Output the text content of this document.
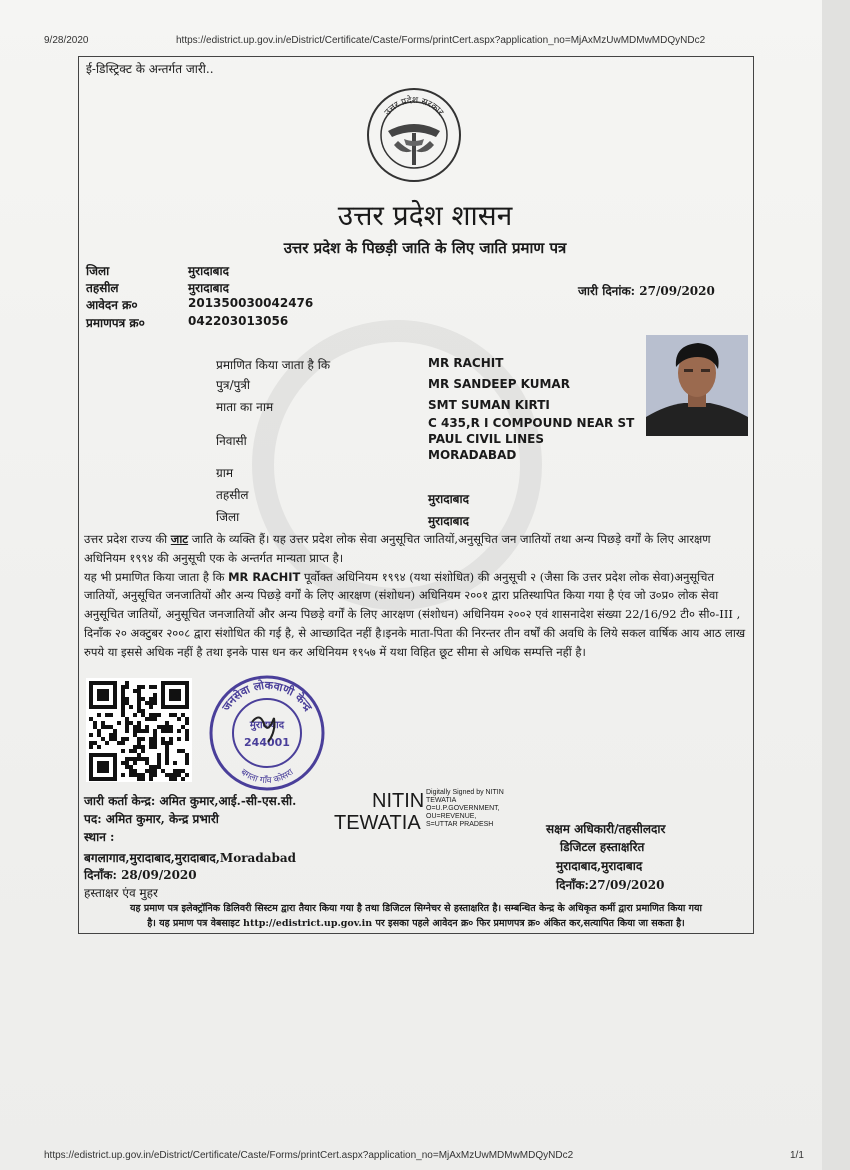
9/28/2020	https://edistrict.up.gov.in/eDistrict/Certificate/Caste/Forms/printCert.aspx?application_no=MjAxMzUwMDMwMDQyNDc2
https://edistrict.up.gov.in/eDistrict/Certificate/Caste/Forms/printCert.aspx?application_no=MjAxMzUwMDMwMDQyNDc2	1/1
ई-डिस्ट्रिक्ट के अन्तर्गत जारी..
उत्तर प्रदेश सरकार
उत्तर प्रदेश शासन
उत्तर प्रदेश के पिछड़ी जाति के लिए जाति प्रमाण पत्र
जिला	मुरादाबाद
तहसील	मुरादाबाद
आवेदन क्र०	201350030042476
प्रमाणपत्र क्र०	042203013056
जारी दिनांक: 27/09/2020
प्रमाणित किया जाता है कि	MR RACHIT
पुत्र/पुत्री	MR SANDEEP KUMAR
माता का नाम	SMT SUMAN KIRTI
निवासी
C 435,R I COMPOUND NEAR ST
PAUL CIVIL LINES
MORADABAD
ग्राम
तहसील	मुरादाबाद
जिला	मुरादाबाद

उत्तर प्रदेश राज्य की जाट जाति के व्यक्ति हैं। यह उत्तर प्रदेश लोक सेवा अनुसूचित जातियों,अनुसूचित जन जातियों तथा अन्य पिछड़े वर्गों के लिए आरक्षण अधिनियम १९९४ की अनुसूची एक के अन्तर्गत मान्यता प्राप्त है।

यह भी प्रमाणित किया जाता है कि MR RACHIT पूर्वोक्त अधिनियम १९९४ (यथा संशोधित) की अनुसूची २ (जैसा कि उत्तर प्रदेश लोक सेवा)अनुसूचित जातियों, अनुसूचित जनजातियों और अन्य पिछड़े वर्गों के लिए आरक्षण (संशोधन) अधिनियम २००१ द्वारा प्रतिस्थापित किया गया है एंव जो उ०प्र० लोक सेवा अनुसूचित जातियों, अनुसूचित जनजातियों और अन्य पिछड़े वर्गों के लिए आरक्षण (संशोधन) अधिनियम २००२ एवं शासनादेश संख्या 22/16/92 टी० सी०-III , दिनाँक २० अक्टुबर २००८ द्वारा संशोधित की गई है, से आच्छादित नहीं है।इनके माता-पिता की निरन्तर तीन वर्षों की अवधि के लिये सकल वार्षिक आय आठ लाख रुपये या इससे अधिक नहीं है तथा इनके पास धन कर अधिनियम १९५७ में यथा विहित छूट सीमा से अधिक सम्पत्ति नहीं है।

जनसेवा लोकवाणी केन्द्र
बगला गाँव कोसरा
मुरादाबाद
244001
जारी कर्ता केन्द्र: अमित कुमार,आई.-सी-एस.सी.
पद: अमित कुमार, केन्द्र प्रभारी
स्थान :
बगलागाव,मुरादाबाद,मुरादाबाद,Moradabad
दिनाँक: 28/09/2020
हस्ताक्षर एंव मुहर
NITIN
TEWATIA
Digitally Signed by NITIN
TEWATIA
O=U.P.GOVERNMENT,
OU=REVENUE,
S=UTTAR PRADESH	सक्षम अधिकारी/तहसीलदार
डिजिटल हस्ताक्षरित
मुरादाबाद,मुरादाबाद
दिनाँक:27/09/2020
यह प्रमाण पत्र इलेक्ट्रॉनिक डिलिवरी सिस्टम द्वारा तैयार किया गया है तथा डिजिटल सिग्नेचर से हस्ताक्षरित है। सम्बन्धित केन्द्र के अधिकृत कर्मी द्वारा प्रमाणित किया गया
है। यह प्रमाण पत्र वेबसाइट http://edistrict.up.gov.in पर इसका पहले आवेदन क्र० फिर प्रमाणपत्र क्र० अंकित कर,सत्यापित किया जा सकता है।
